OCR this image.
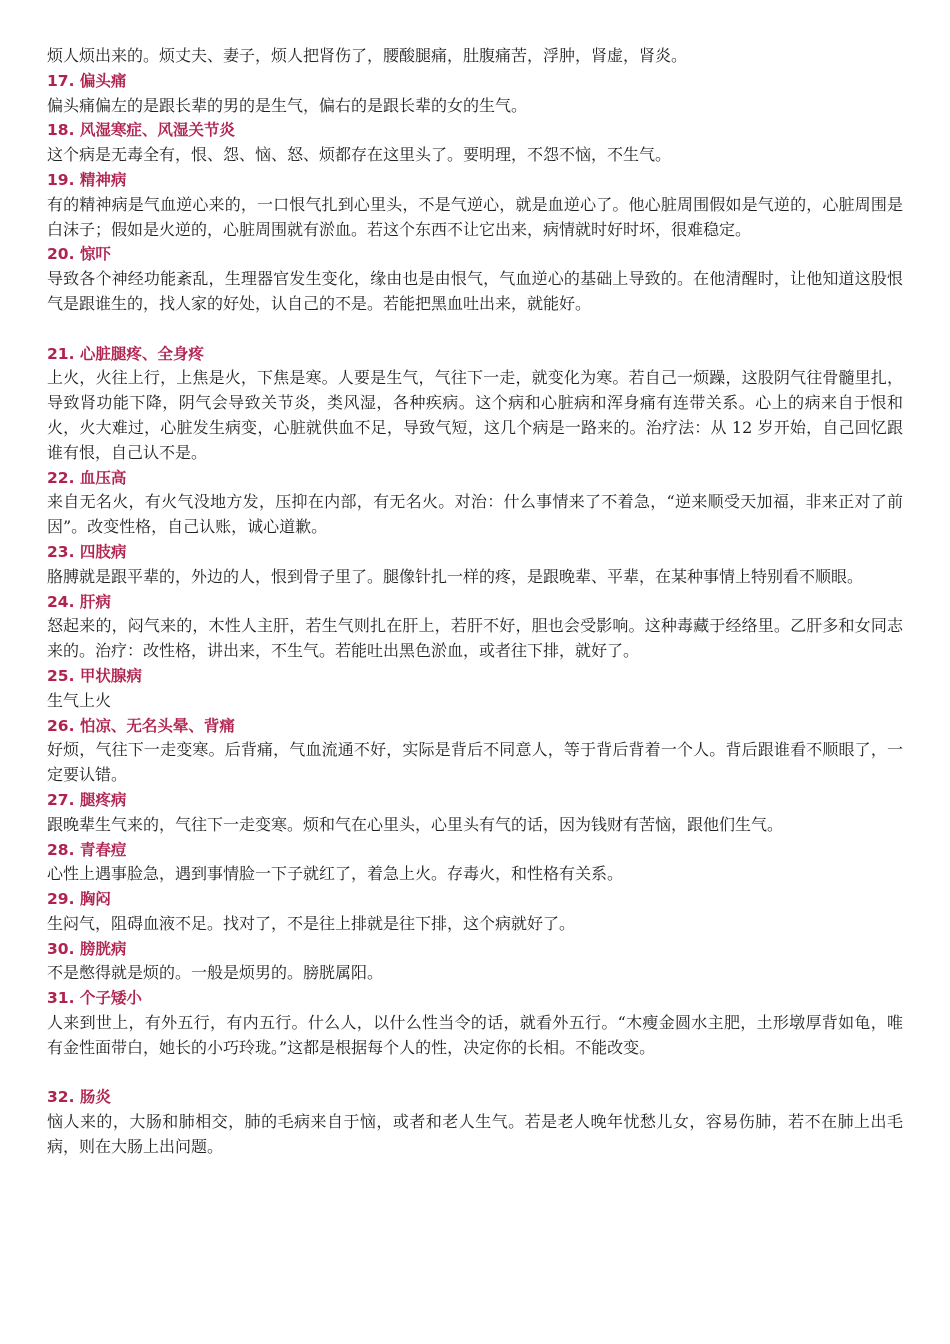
烦人烦出来的。烦丈夫、妻子，烦人把肾伤了，腰酸腿痛，肚腹痛苦，浮肿，肾虚，肾炎。

17. 偏头痛

偏头痛偏左的是跟长辈的男的是生气，偏右的是跟长辈的女的生气。

18. 风湿寒症、风湿关节炎

这个病是无毒全有，恨、怨、恼、怒、烦都存在这里头了。要明理，不怨不恼，不生气。

19. 精神病

有的精神病是气血逆心来的，一口恨气扎到心里头，不是气逆心，就是血逆心了。他心脏周围假如是气逆的，心脏周围是白沫子；假如是火逆的，心脏周围就有淤血。若这个东西不让它出来，病情就时好时坏，很难稳定。

20. 惊吓

导致各个神经功能紊乱，生理器官发生变化，缘由也是由恨气，气血逆心的基础上导致的。在他清醒时，让他知道这股恨气是跟谁生的，找人家的好处，认自己的不是。若能把黑血吐出来，就能好。

21. 心脏腿疼、全身疼

上火，火往上行，上焦是火，下焦是寒。人要是生气，气往下一走，就变化为寒。若自己一烦躁，这股阴气往骨髓里扎，导致肾功能下降，阴气会导致关节炎，类风湿，各种疾病。这个病和心脏病和浑身痛有连带关系。心上的病来自于恨和火，火大难过，心脏发生病变，心脏就供血不足，导致气短，这几个病是一路来的。治疗法：从 12 岁开始，自己回忆跟谁有恨，自己认不是。

22. 血压高

来自无名火，有火气没地方发，压抑在内部，有无名火。对治：什么事情来了不着急，“逆来顺受天加福，非来正对了前因”。改变性格，自己认账，诚心道歉。

23. 四肢病

胳膊就是跟平辈的，外边的人，恨到骨子里了。腿像针扎一样的疼，是跟晚辈、平辈，在某种事情上特别看不顺眼。

24. 肝病

怒起来的，闷气来的，木性人主肝，若生气则扎在肝上，若肝不好，胆也会受影响。这种毒藏于经络里。乙肝多和女同志来的。治疗：改性格，讲出来，不生气。若能吐出黑色淤血，或者往下排，就好了。

25. 甲状腺病

生气上火

26. 怕凉、无名头晕、背痛

好烦，气往下一走变寒。后背痛，气血流通不好，实际是背后不同意人，等于背后背着一个人。背后跟谁看不顺眼了，一定要认错。

27. 腿疼病

跟晚辈生气来的，气往下一走变寒。烦和气在心里头，心里头有气的话，因为钱财有苦恼，跟他们生气。

28. 青春痘

心性上遇事脸急，遇到事情脸一下子就红了，着急上火。存毒火，和性格有关系。

29. 胸闷

生闷气，阻碍血液不足。找对了，不是往上排就是往下排，这个病就好了。

30. 膀胱病

不是憋得就是烦的。一般是烦男的。膀胱属阳。

31. 个子矮小

人来到世上，有外五行，有内五行。什么人，以什么性当令的话，就看外五行。“木瘦金圆水主肥，土形墩厚背如龟，唯有金性面带白，她长的小巧玲珑。”这都是根据每个人的性，决定你的长相。不能改变。

32. 肠炎

恼人来的，大肠和肺相交，肺的毛病来自于恼，或者和老人生气。若是老人晚年忧愁儿女，容易伤肺，若不在肺上出毛病，则在大肠上出问题。
